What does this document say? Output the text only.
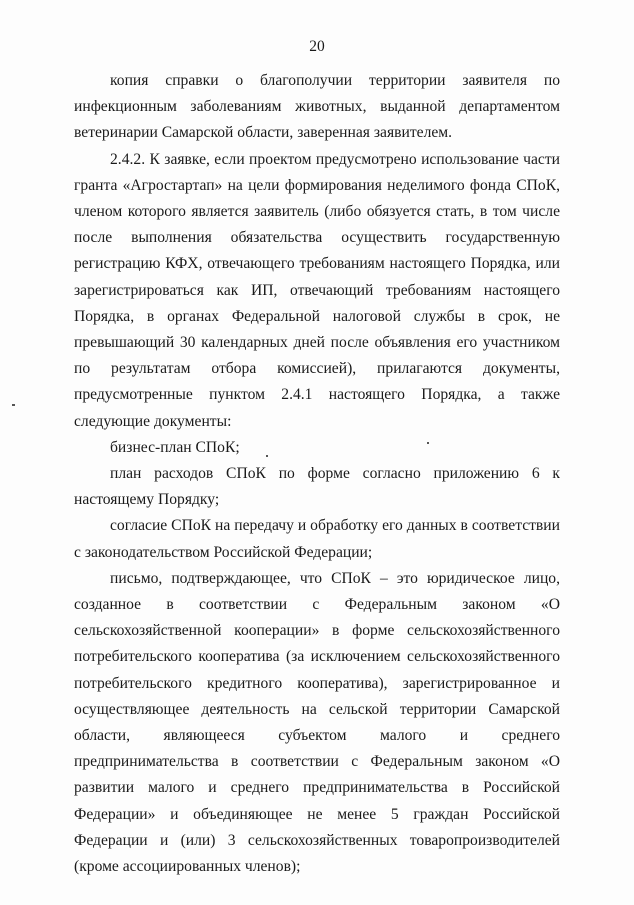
20

копия справки о благополучии территории заявителя по инфекционным заболеваниям животных, выданной департаментом ветеринарии Самарской области, заверенная заявителем.

2.4.2. К заявке, если проектом предусмотрено использование части гранта «Агростартап» на цели формирования неделимого фонда СПоК, членом которого является заявитель (либо обязуется стать, в том числе после выполнения обязательства осуществить государственную регистрацию КФХ, отвечающего требованиям настоящего Порядка, или зарегистрироваться как ИП, отвечающий требованиям настоящего Порядка, в органах Федеральной налоговой службы в срок, не превышающий 30 календарных дней после объявления его участником по результатам отбора комиссией), прилагаются документы, предусмотренные пунктом 2.4.1 настоящего Порядка, а также следующие документы:

бизнес-план СПоК;

план расходов СПоК по форме согласно приложению 6 к настоящему Порядку;

согласие СПоК на передачу и обработку его данных в соответствии с законодательством Российской Федерации;

письмо, подтверждающее, что СПоК – это юридическое лицо, созданное в соответствии с Федеральным законом «О сельскохозяйственной кооперации» в форме сельскохозяйственного потребительского кооператива (за исключением сельскохозяйственного потребительского кредитного кооператива), зарегистрированное и осуществляющее деятельность на сельской территории Самарской области, являющееся субъектом малого и среднего предпринимательства в соответствии с Федеральным законом «О развитии малого и среднего предпринимательства в Российской Федерации» и объединяющее не менее 5 граждан Российской Федерации и (или) 3 сельскохозяйственных товаропроизводителей (кроме ассоциированных членов);
